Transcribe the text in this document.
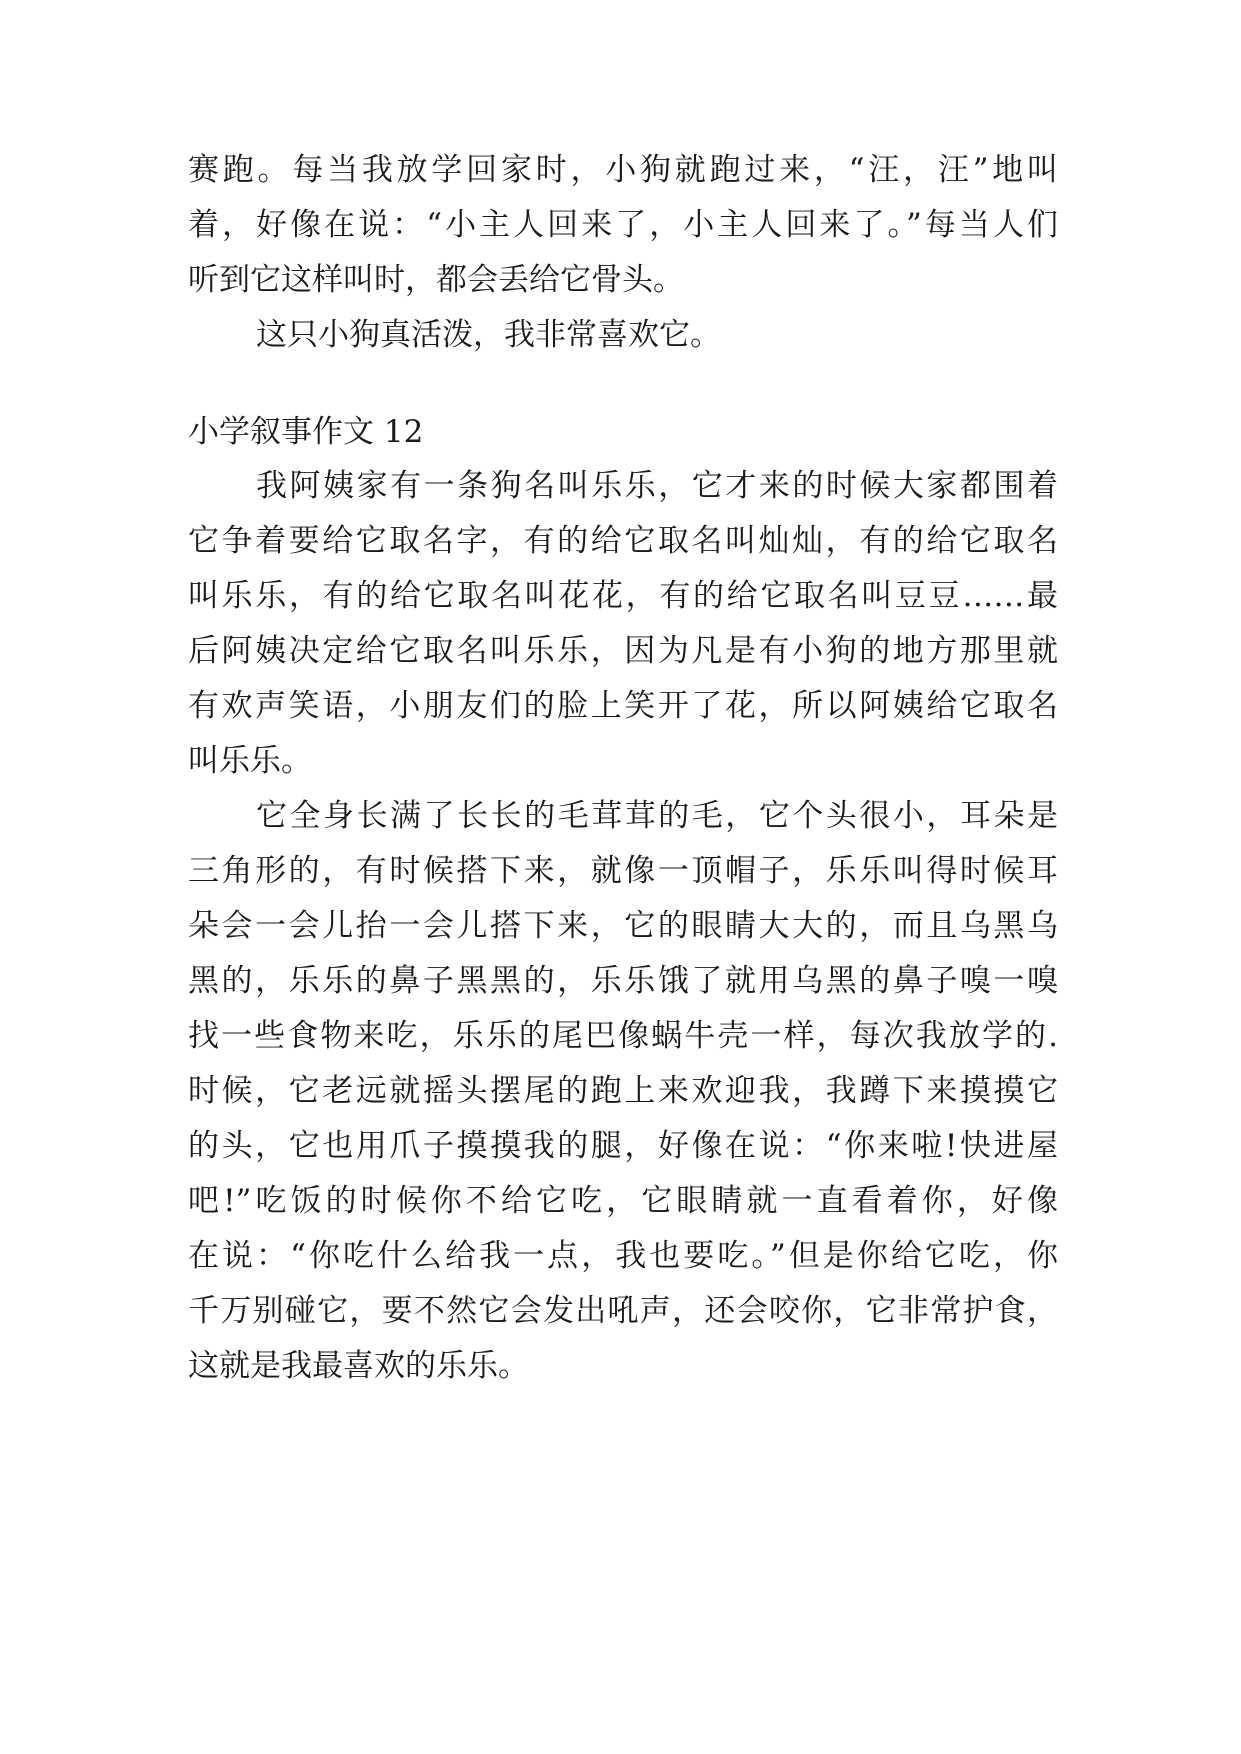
赛跑。每当我放学回家时，小狗就跑过来，“汪，汪”地叫
着，好像在说：“小主人回来了，小主人回来了。”每当人们
听到它这样叫时，都会丢给它骨头。
这只小狗真活泼，我非常喜欢它。
小学叙事作文 12
我阿姨家有一条狗名叫乐乐，它才来的时候大家都围着
它争着要给它取名字，有的给它取名叫灿灿，有的给它取名
叫乐乐，有的给它取名叫花花，有的给它取名叫豆豆……最
后阿姨决定给它取名叫乐乐，因为凡是有小狗的地方那里就
有欢声笑语，小朋友们的脸上笑开了花，所以阿姨给它取名
叫乐乐。
它全身长满了长长的毛茸茸的毛，它个头很小，耳朵是
三角形的，有时候搭下来，就像一顶帽子，乐乐叫得时候耳
朵会一会儿抬一会儿搭下来，它的眼睛大大的，而且乌黑乌
黑的，乐乐的鼻子黑黑的，乐乐饿了就用乌黑的鼻子嗅一嗅
找一些食物来吃，乐乐的尾巴像蜗牛壳一样，每次我放学的.
时候，它老远就摇头摆尾的跑上来欢迎我，我蹲下来摸摸它
的头，它也用爪子摸摸我的腿，好像在说：“你来啦!快进屋
吧!”吃饭的时候你不给它吃，它眼睛就一直看着你，好像
在说：“你吃什么给我一点，我也要吃。”但是你给它吃，你
千万别碰它，要不然它会发出吼声，还会咬你，它非常护食，
这就是我最喜欢的乐乐。
